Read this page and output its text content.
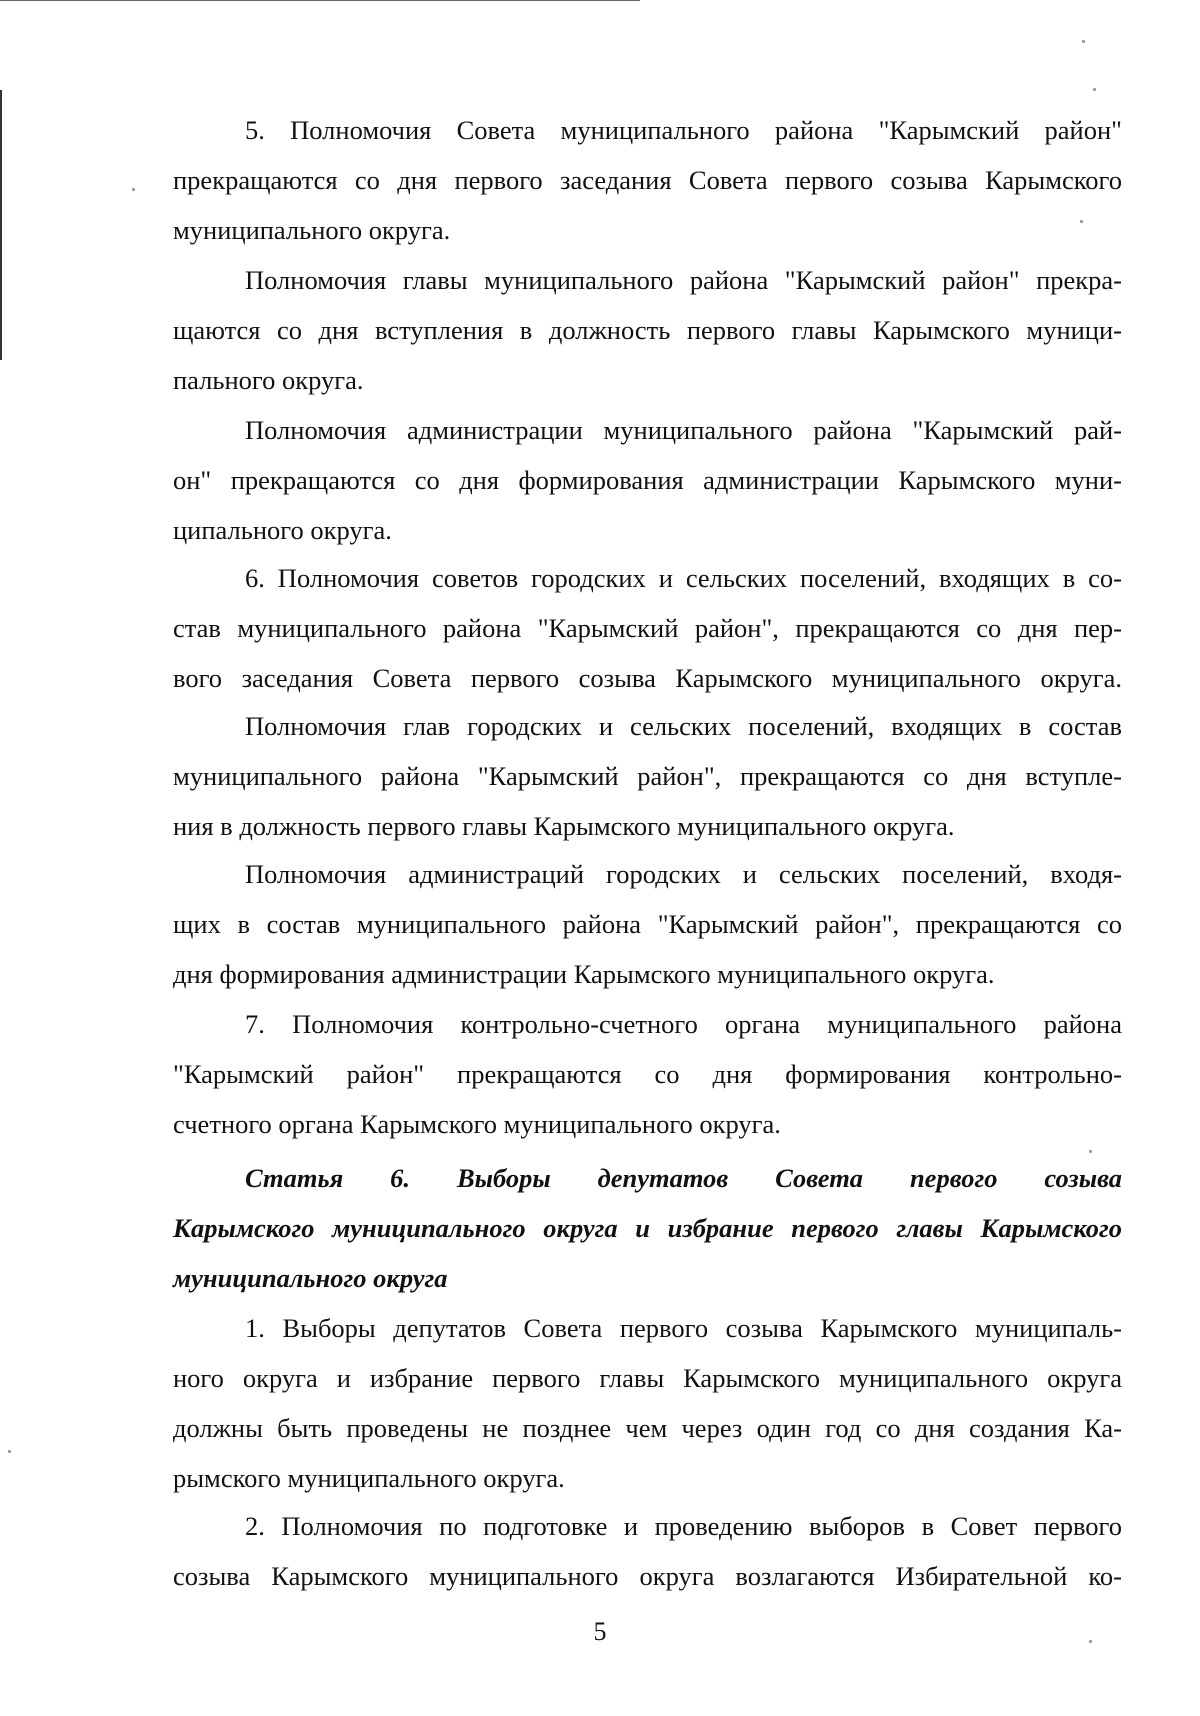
5. Полномочия Совета муниципального района "Карымский район"
прекращаются со дня первого заседания Совета первого созыва Карымского
муниципального округа.
Полномочия главы муниципального района "Карымский район" прекра-
щаются со дня вступления в должность первого главы Карымского муници-
пального округа.
Полномочия администрации муниципального района "Карымский рай-
он" прекращаются со дня формирования администрации Карымского муни-
ципального округа.
6. Полномочия советов городских и сельских поселений, входящих в со-
став муниципального района "Карымский район", прекращаются со дня пер-
вого заседания Совета первого созыва Карымского муниципального округа.
Полномочия глав городских и сельских поселений, входящих в состав
муниципального района "Карымский район", прекращаются со дня вступле-
ния в должность первого главы Карымского муниципального округа.
Полномочия администраций городских и сельских поселений, входя-
щих в состав муниципального района "Карымский район", прекращаются со
дня формирования администрации Карымского муниципального округа.
7. Полномочия контрольно-счетного органа муниципального района
"Карымский район" прекращаются со дня формирования контрольно-
счетного органа Карымского муниципального округа.
Статья 6. Выборы депутатов Совета первого созыва
Карымского муниципального округа и избрание первого главы Карымского
муниципального округа
1. Выборы депутатов Совета первого созыва Карымского муниципаль-
ного округа и избрание первого главы Карымского муниципального округа
должны быть проведены не позднее чем через один год со дня создания Ка-
рымского муниципального округа.
2. Полномочия по подготовке и проведению выборов в Совет первого
созыва Карымского муниципального округа возлагаются Избирательной ко-
5
